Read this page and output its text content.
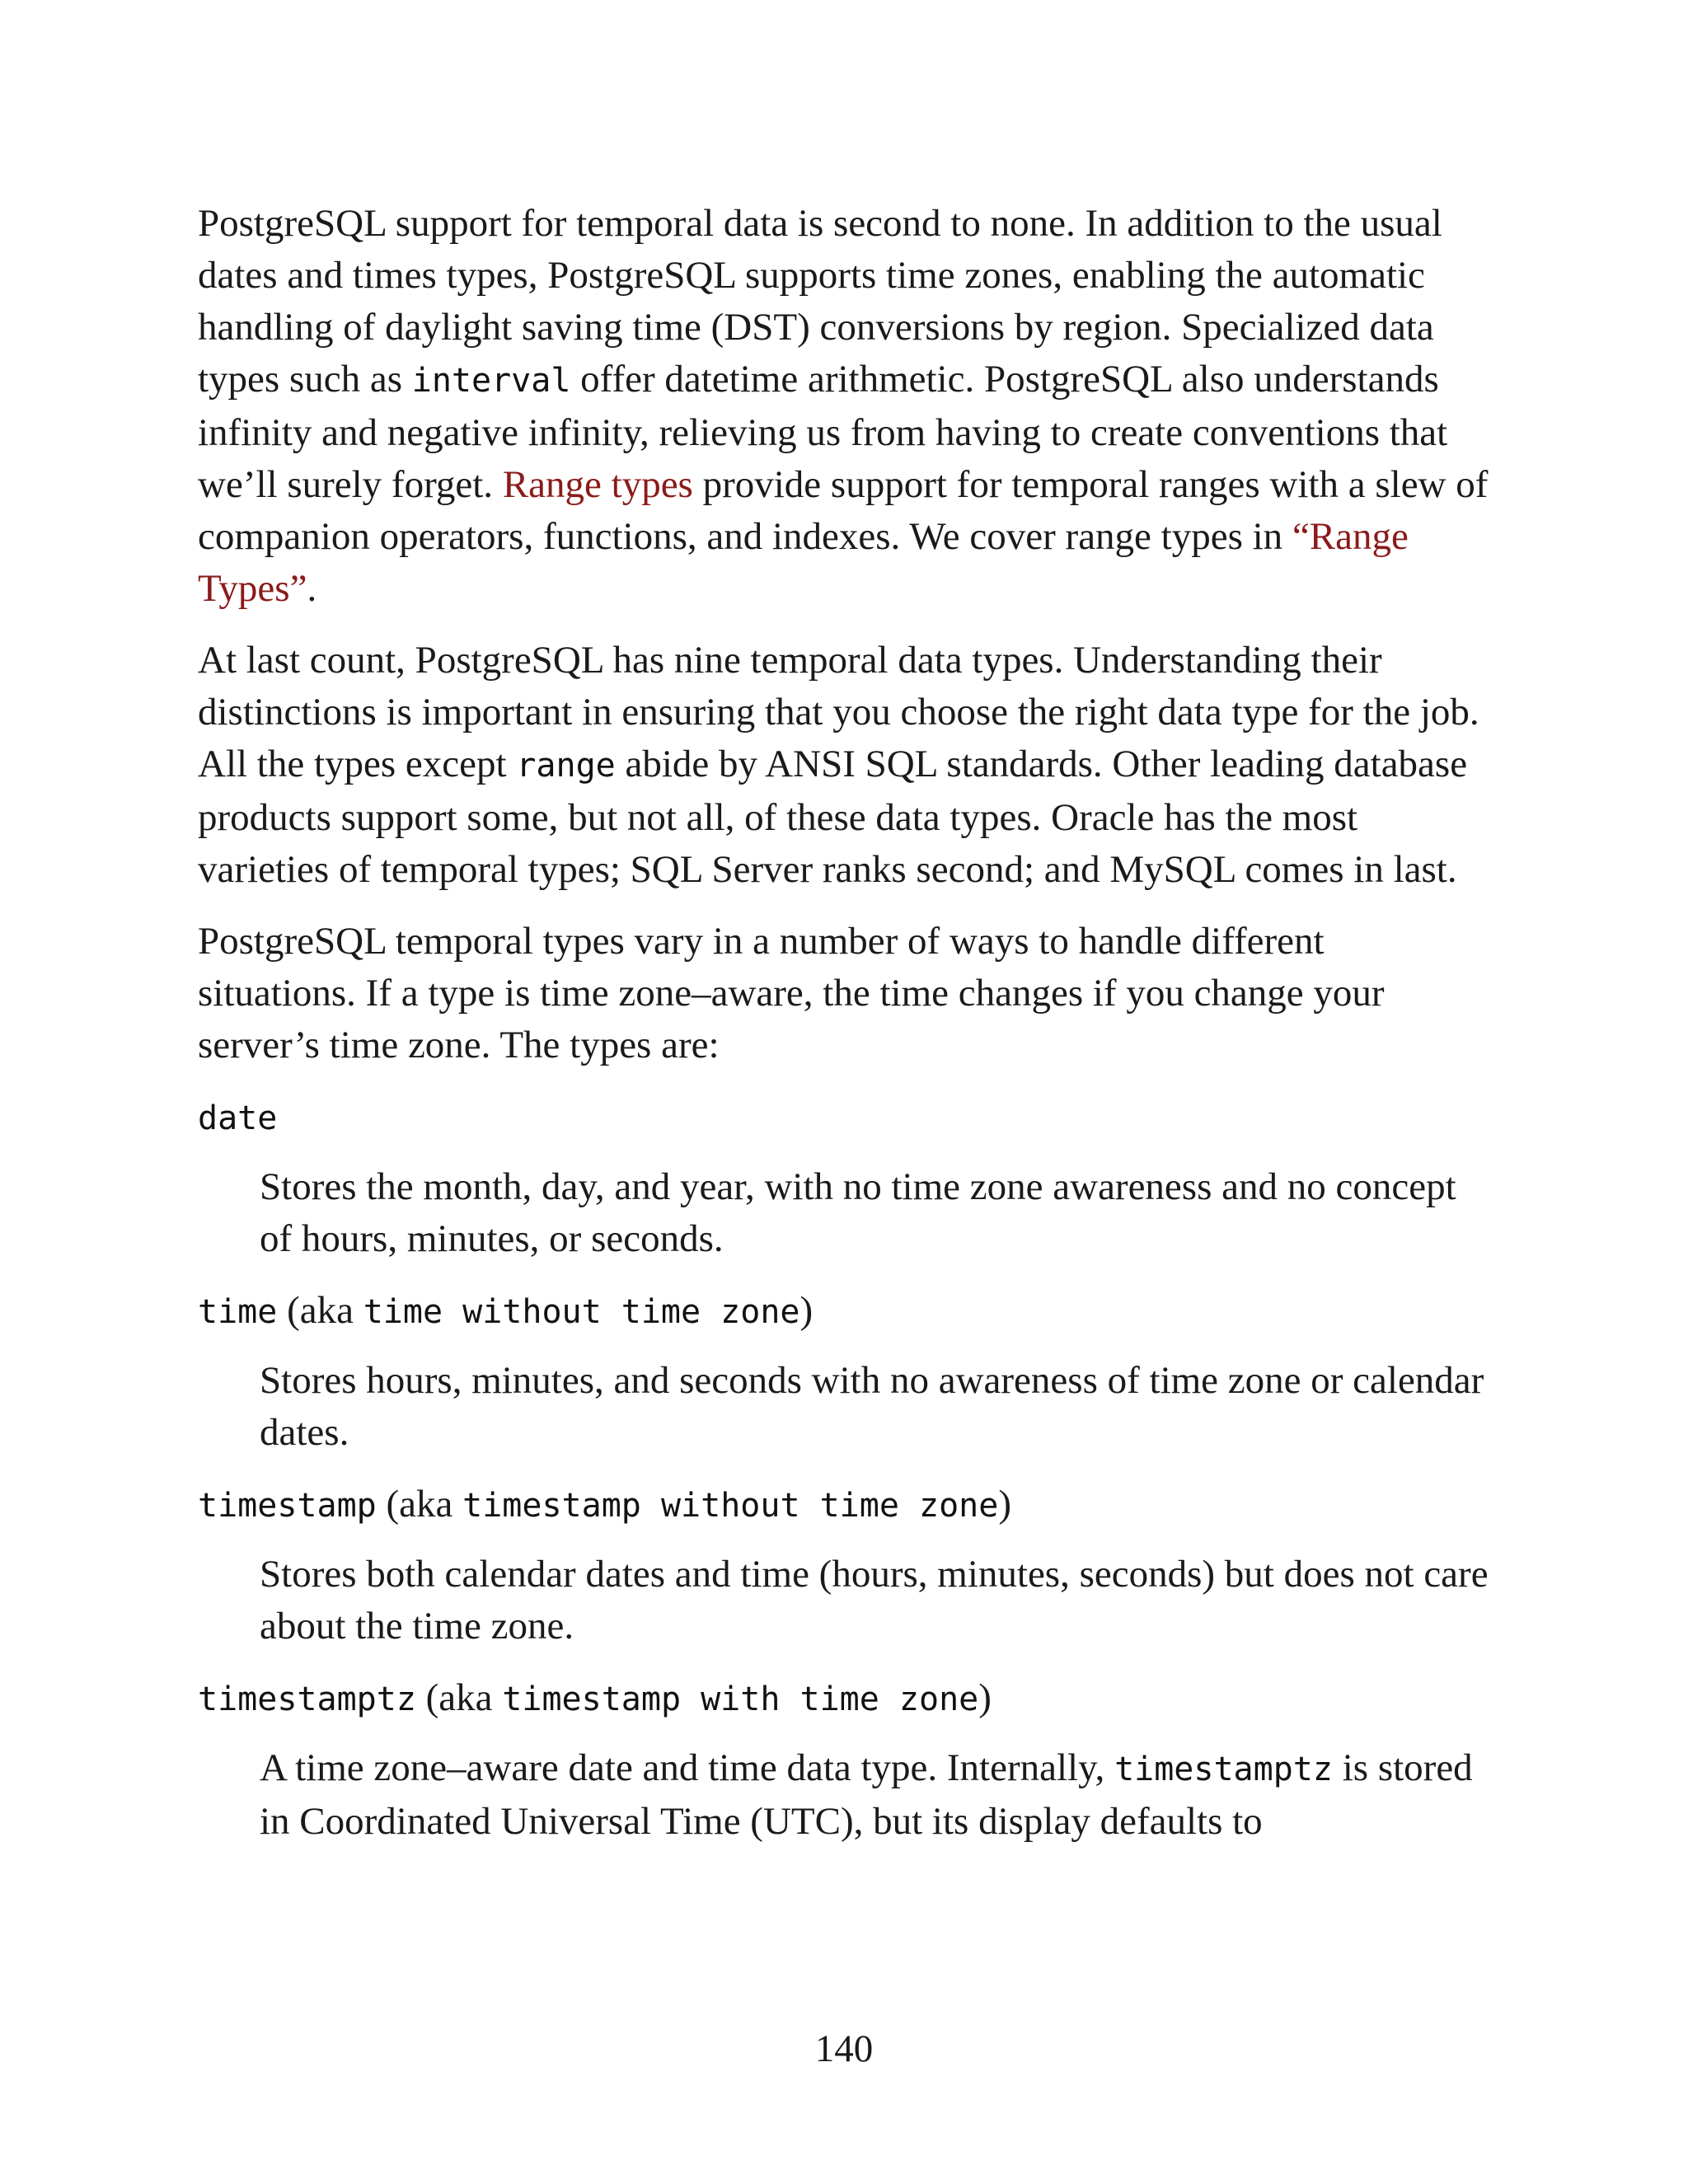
PostgreSQL support for temporal data is second to none. In addition to the usual dates and times types, PostgreSQL supports time zones, enabling the automatic handling of daylight saving time (DST) conversions by region. Specialized data types such as interval offer datetime arithmetic. PostgreSQL also understands infinity and negative infinity, relieving us from having to create conventions that we’ll surely forget. Range types provide support for temporal ranges with a slew of companion operators, functions, and indexes. We cover range types in “Range Types”.

At last count, PostgreSQL has nine temporal data types. Understanding their distinctions is important in ensuring that you choose the right data type for the job. All the types except range abide by ANSI SQL standards. Other leading database products support some, but not all, of these data types. Oracle has the most varieties of temporal types; SQL Server ranks second; and MySQL comes in last.

PostgreSQL temporal types vary in a number of ways to handle different situations. If a type is time zone–aware, the time changes if you change your server’s time zone. The types are:

date
Stores the month, day, and year, with no time zone awareness and no concept of hours, minutes, or seconds.
time (aka time without time zone)
Stores hours, minutes, and seconds with no awareness of time zone or calendar dates.
timestamp (aka timestamp without time zone)
Stores both calendar dates and time (hours, minutes, seconds) but does not care about the time zone.
timestamptz (aka timestamp with time zone)
A time zone–aware date and time data type. Internally, timestamptz is stored in Coordinated Universal Time (UTC), but its display defaults to
140
